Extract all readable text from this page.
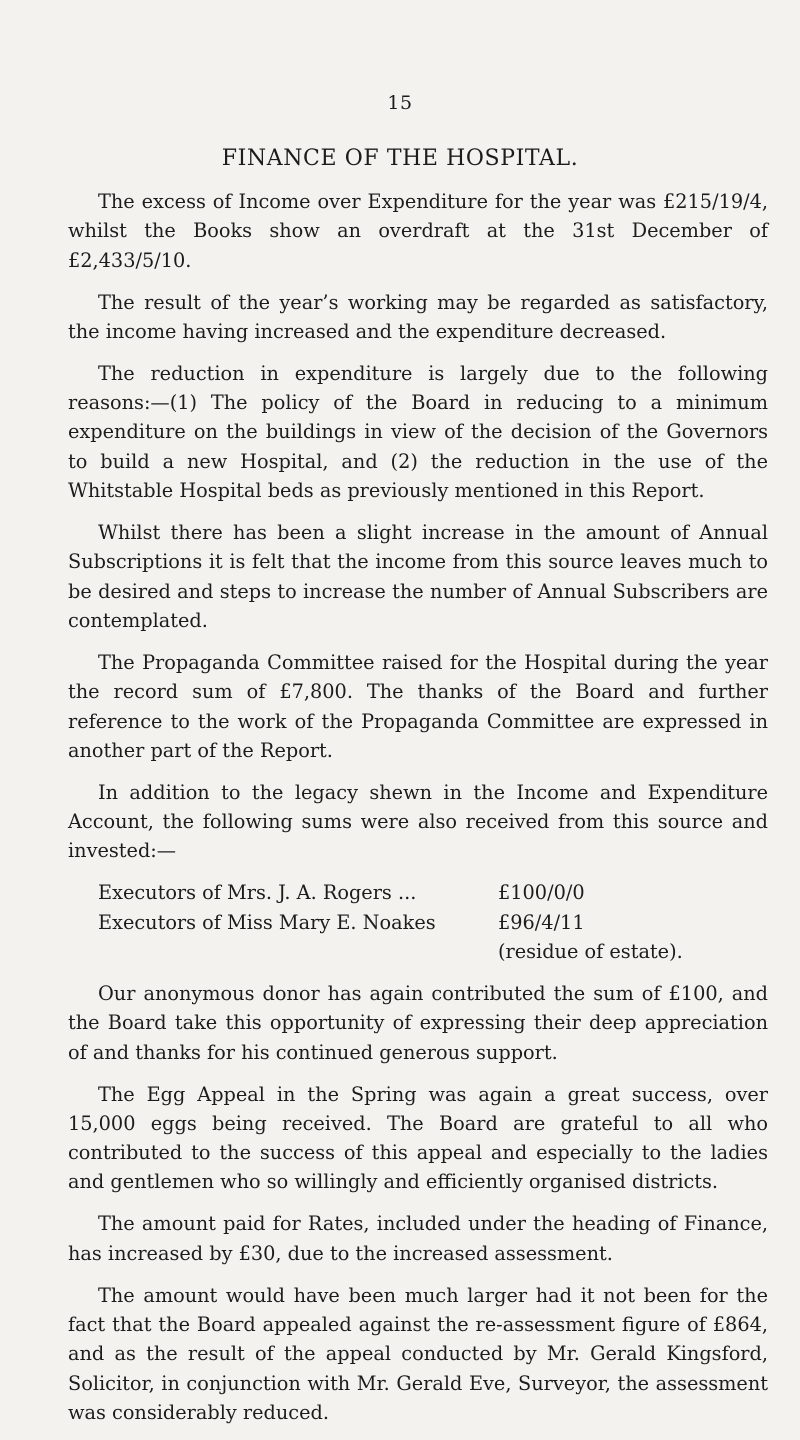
15
FINANCE OF THE HOSPITAL.

The excess of Income over Expenditure for the year was £215/19/4, whilst the Books show an overdraft at the 31st December of £2,433/5/10.

The result of the year’s working may be regarded as satisfactory, the income having increased and the expenditure decreased.

The reduction in expenditure is largely due to the following reasons:—(1) The policy of the Board in reducing to a minimum expenditure on the buildings in view of the decision of the Governors to build a new Hospital, and (2) the reduction in the use of the Whitstable Hospital beds as previously mentioned in this Report.

Whilst there has been a slight increase in the amount of Annual Subscriptions it is felt that the income from this source leaves much to be desired and steps to increase the number of Annual Subscribers are contemplated.

The Propaganda Committee raised for the Hospital during the year the record sum of £7,800. The thanks of the Board and further reference to the work of the Propaganda Committee are expressed in another part of the Report.

In addition to the legacy shewn in the Income and Expenditure Account, the following sums were also received from this source and invested:—

Executors of Mrs. J. A. Rogers ...	£100/0/0
Executors of Miss Mary E. Noakes	£96/4/11

(residue of estate).

Our anonymous donor has again contributed the sum of £100, and the Board take this opportunity of expressing their deep appreciation of and thanks for his continued generous support.

The Egg Appeal in the Spring was again a great success, over 15,000 eggs being received. The Board are grateful to all who contributed to the success of this appeal and especially to the ladies and gentlemen who so willingly and efficiently organised districts.

The amount paid for Rates, included under the heading of Finance, has increased by £30, due to the increased assessment.

The amount would have been much larger had it not been for the fact that the Board appealed against the re-assessment figure of £864, and as the result of the appeal conducted by Mr. Gerald Kingsford, Solicitor, in conjunction with Mr. Gerald Eve, Surveyor, the assessment was considerably reduced.
